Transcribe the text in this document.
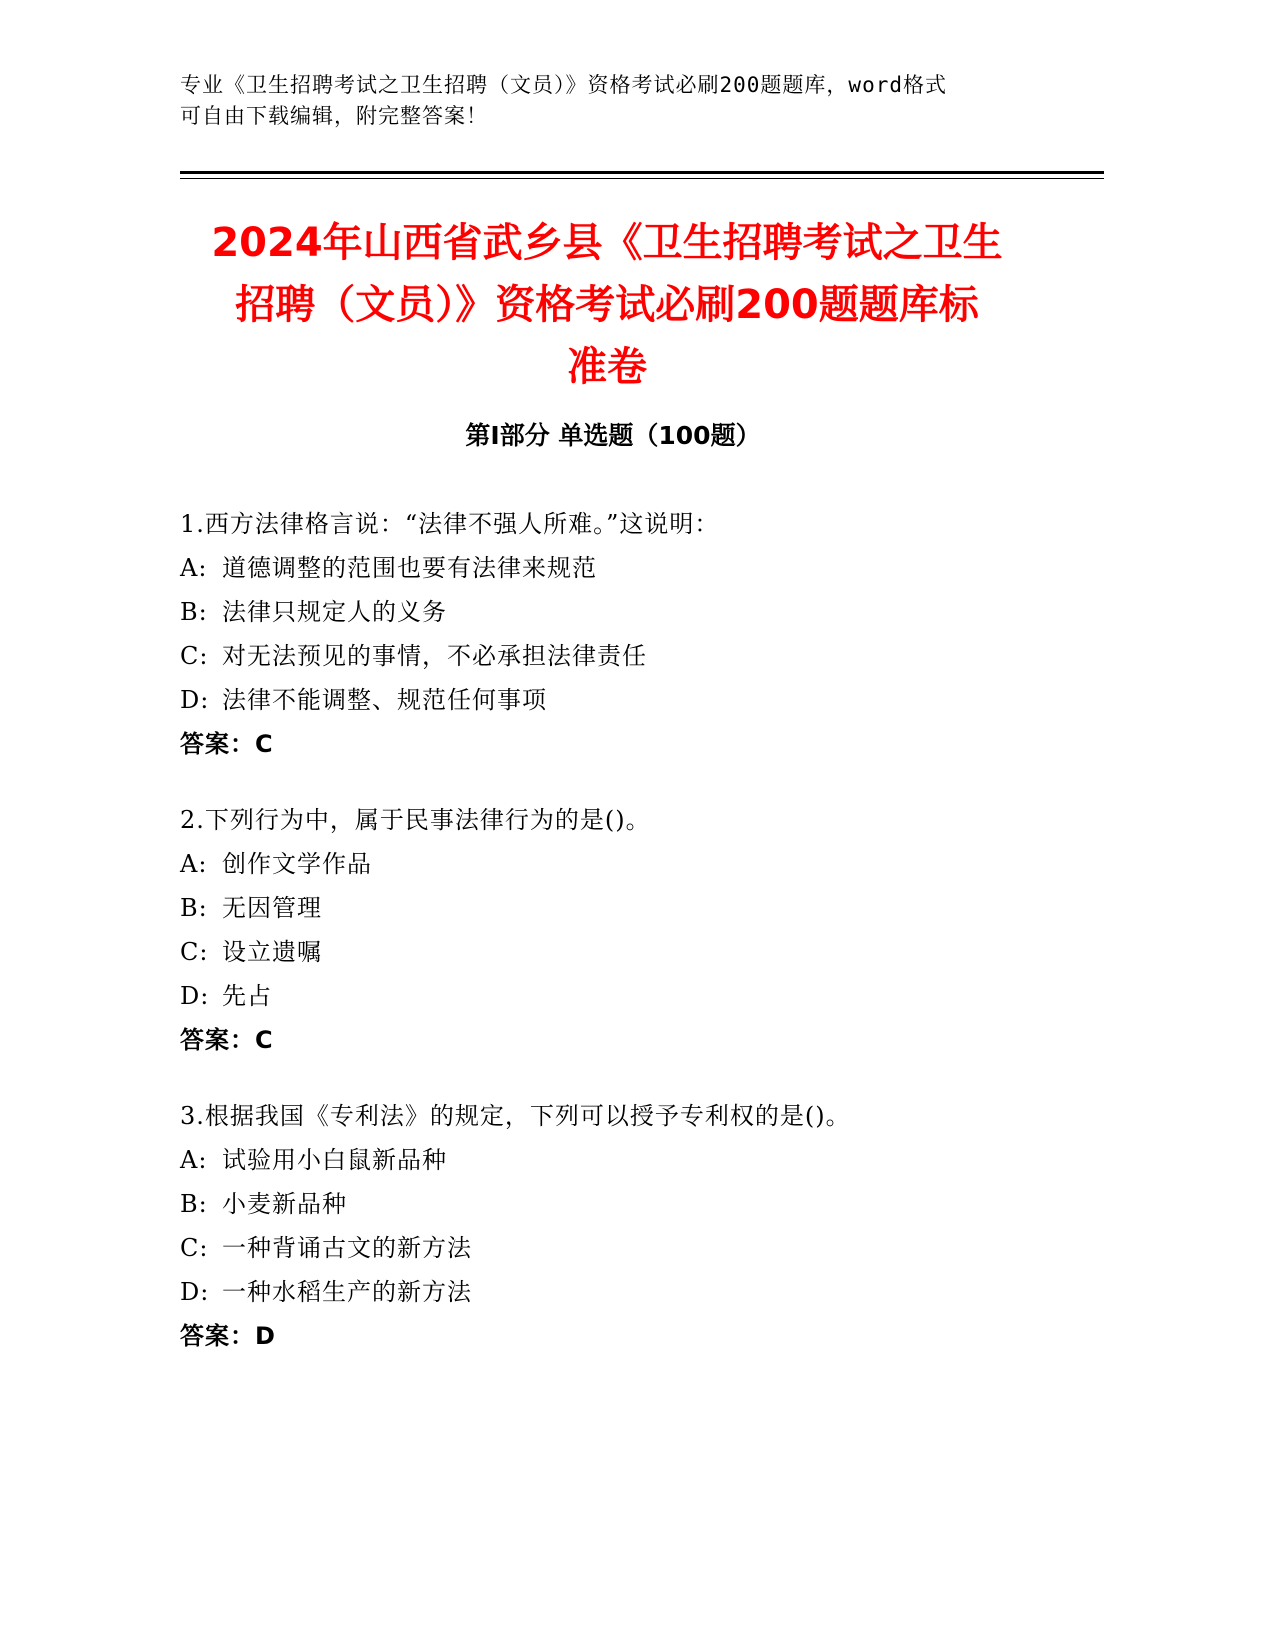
专业《卫生招聘考试之卫生招聘（文员）》资格考试必刷200题题库，word格式
可自由下载编辑，附完整答案！
2024年山西省武乡县《卫生招聘考试之卫生
招聘（文员）》资格考试必刷200题题库标
准卷
第Ⅰ部分 单选题（100题）
1.西方法律格言说：“法律不强人所难。”这说明：
A: 道德调整的范围也要有法律来规范
B: 法律只规定人的义务
C: 对无法预见的事情，不必承担法律责任
D: 法律不能调整、规范任何事项
答案：C
2.下列行为中，属于民事法律行为的是()。
A: 创作文学作品
B: 无因管理
C: 设立遗嘱
D: 先占
答案：C
3.根据我国《专利法》的规定，下列可以授予专利权的是()。
A: 试验用小白鼠新品种
B: 小麦新品种
C: 一种背诵古文的新方法
D: 一种水稻生产的新方法
答案：D
